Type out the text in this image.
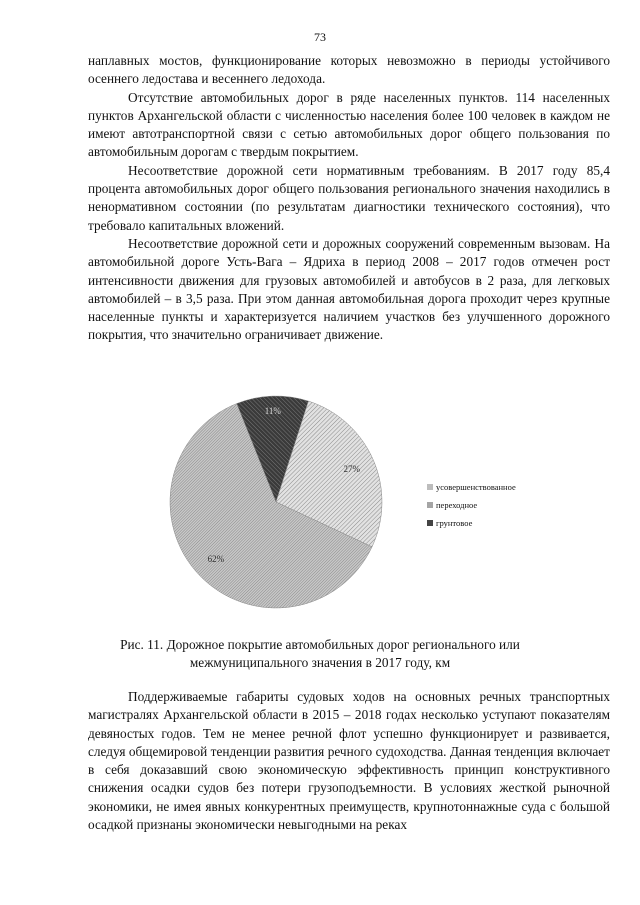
73

наплавных мостов, функционирование которых невозможно в периоды устойчивого осеннего ледостава и весеннего ледохода.

Отсутствие автомобильных дорог в ряде населенных пунктов. 114 населенных пунктов Архангельской области с численностью населения более 100 человек в каждом не имеют автотранспортной связи с сетью автомобильных дорог общего пользования по автомобильным дорогам с твердым покрытием.

Несоответствие дорожной сети нормативным требованиям. В 2017 году 85,4 процента автомобильных дорог общего пользования регионального значения находились в ненормативном состоянии (по результатам диагностики технического состояния), что требовало капитальных вложений.

Несоответствие дорожной сети и дорожных сооружений современным вызовам. На автомобильной дороге Усть-Вага – Ядриха в период 2008 – 2017 годов отмечен рост интенсивности движения для грузовых автомобилей и автобусов в 2 раза, для легковых автомобилей – в 3,5 раза. При этом данная автомобильная дорога проходит через крупные населенные пункты и характеризуется наличием участков без улучшенного дорожного покрытия, что значительно ограничивает движение.

11%
27%
62%
усовершенствованное
переходное
грунтовое
Рис. 11. Дорожное покрытие автомобильных дорог регионального или
межмуниципального значения в 2017 году, км

Поддерживаемые габариты судовых ходов на основных речных транспортных магистралях Архангельской области в 2015 – 2018 годах несколько уступают показателям девяностых годов. Тем не менее речной флот успешно функционирует и развивается, следуя общемировой тенденции развития речного судоходства. Данная тенденция включает в себя доказавший свою экономическую эффективность принцип конструктивного снижения осадки судов без потери грузоподъемности. В условиях жесткой рыночной экономики, не имея явных конкурентных преимуществ, крупнотоннажные суда с большой осадкой признаны экономически невыгодными на реках
